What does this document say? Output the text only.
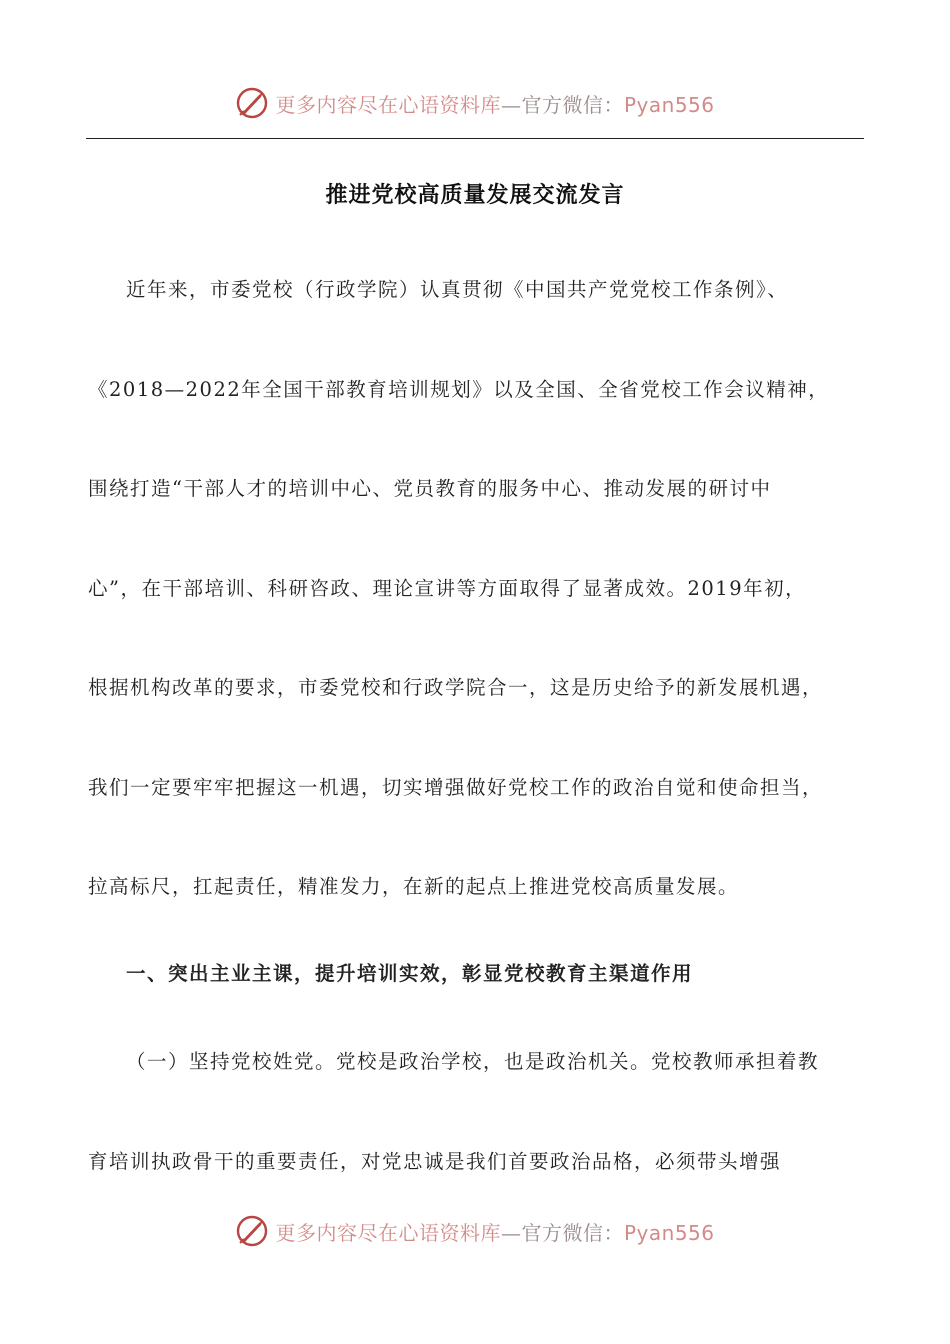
更多内容尽在心语资料库—官方微信：Pyan556
推进党校高质量发展交流发言
近年来，市委党校（行政学院）认真贯彻《中国共产党党校工作条例》、
《2018—2022年全国干部教育培训规划》以及全国、全省党校工作会议精神，
围绕打造“干部人才的培训中心、党员教育的服务中心、推动发展的研讨中
心”，在干部培训、科研咨政、理论宣讲等方面取得了显著成效。2019年初，
根据机构改革的要求，市委党校和行政学院合一，这是历史给予的新发展机遇，
我们一定要牢牢把握这一机遇，切实增强做好党校工作的政治自觉和使命担当，
拉高标尺，扛起责任，精准发力，在新的起点上推进党校高质量发展。
一、突出主业主课，提升培训实效，彰显党校教育主渠道作用
（一）坚持党校姓党。党校是政治学校，也是政治机关。党校教师承担着教
育培训执政骨干的重要责任，对党忠诚是我们首要政治品格，必须带头增强
更多内容尽在心语资料库—官方微信：Pyan556
